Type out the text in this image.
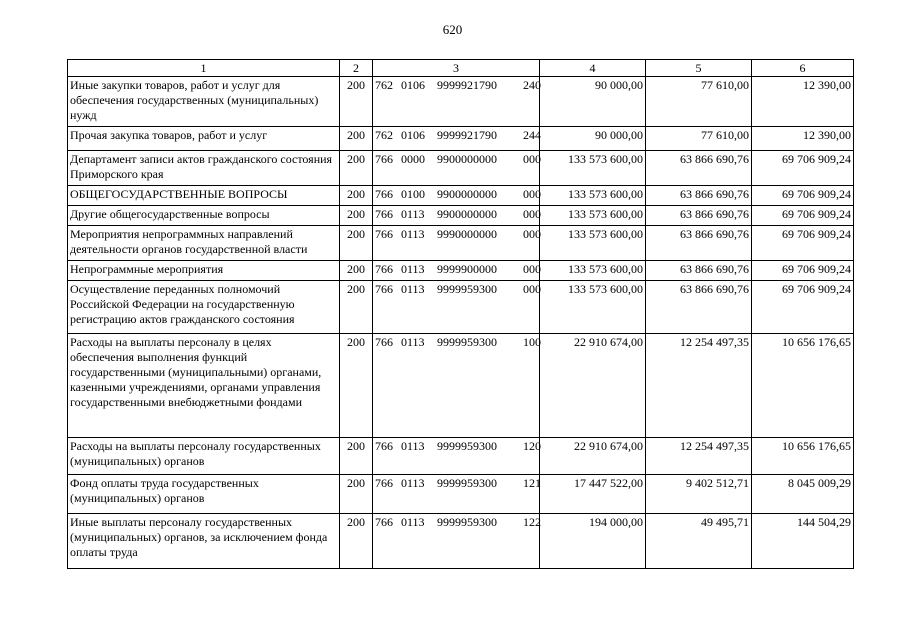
620
1	2	3	4	5	6
Иные закупки товаров, работ и услуг для обеспечения государственных (муниципальных) нужд	200	762 0106 9999921790 240	90 000,00	77 610,00	12 390,00
Прочая закупка товаров, работ и услуг	200	762 0106 9999921790 244	90 000,00	77 610,00	12 390,00
Департамент записи актов гражданского состояния Приморского края	200	766 0000 9900000000 000	133 573 600,00	63 866 690,76	69 706 909,24
ОБЩЕГОСУДАРСТВЕННЫЕ ВОПРОСЫ	200	766 0100 9900000000 000	133 573 600,00	63 866 690,76	69 706 909,24
Другие общегосударственные вопросы	200	766 0113 9900000000 000	133 573 600,00	63 866 690,76	69 706 909,24
Мероприятия непрограммных направлений деятельности органов государственной власти	200	766 0113 9990000000 000	133 573 600,00	63 866 690,76	69 706 909,24
Непрограммные мероприятия	200	766 0113 9999900000 000	133 573 600,00	63 866 690,76	69 706 909,24
Осуществление переданных полномочий Российской Федерации на государственную регистрацию актов гражданского состояния	200	766 0113 9999959300 000	133 573 600,00	63 866 690,76	69 706 909,24
Расходы на выплаты персоналу в целях обеспечения выполнения функций государственными (муниципальными) органами, казенными учреждениями, органами управления государственными внебюджетными фондами	200	766 0113 9999959300 100	22 910 674,00	12 254 497,35	10 656 176,65
Расходы на выплаты персоналу государственных (муниципальных) органов	200	766 0113 9999959300 120	22 910 674,00	12 254 497,35	10 656 176,65
Фонд оплаты труда государственных (муниципальных) органов	200	766 0113 9999959300 121	17 447 522,00	9 402 512,71	8 045 009,29
Иные выплаты персоналу государственных (муниципальных) органов, за исключением фонда оплаты труда	200	766 0113 9999959300 122	194 000,00	49 495,71	144 504,29
